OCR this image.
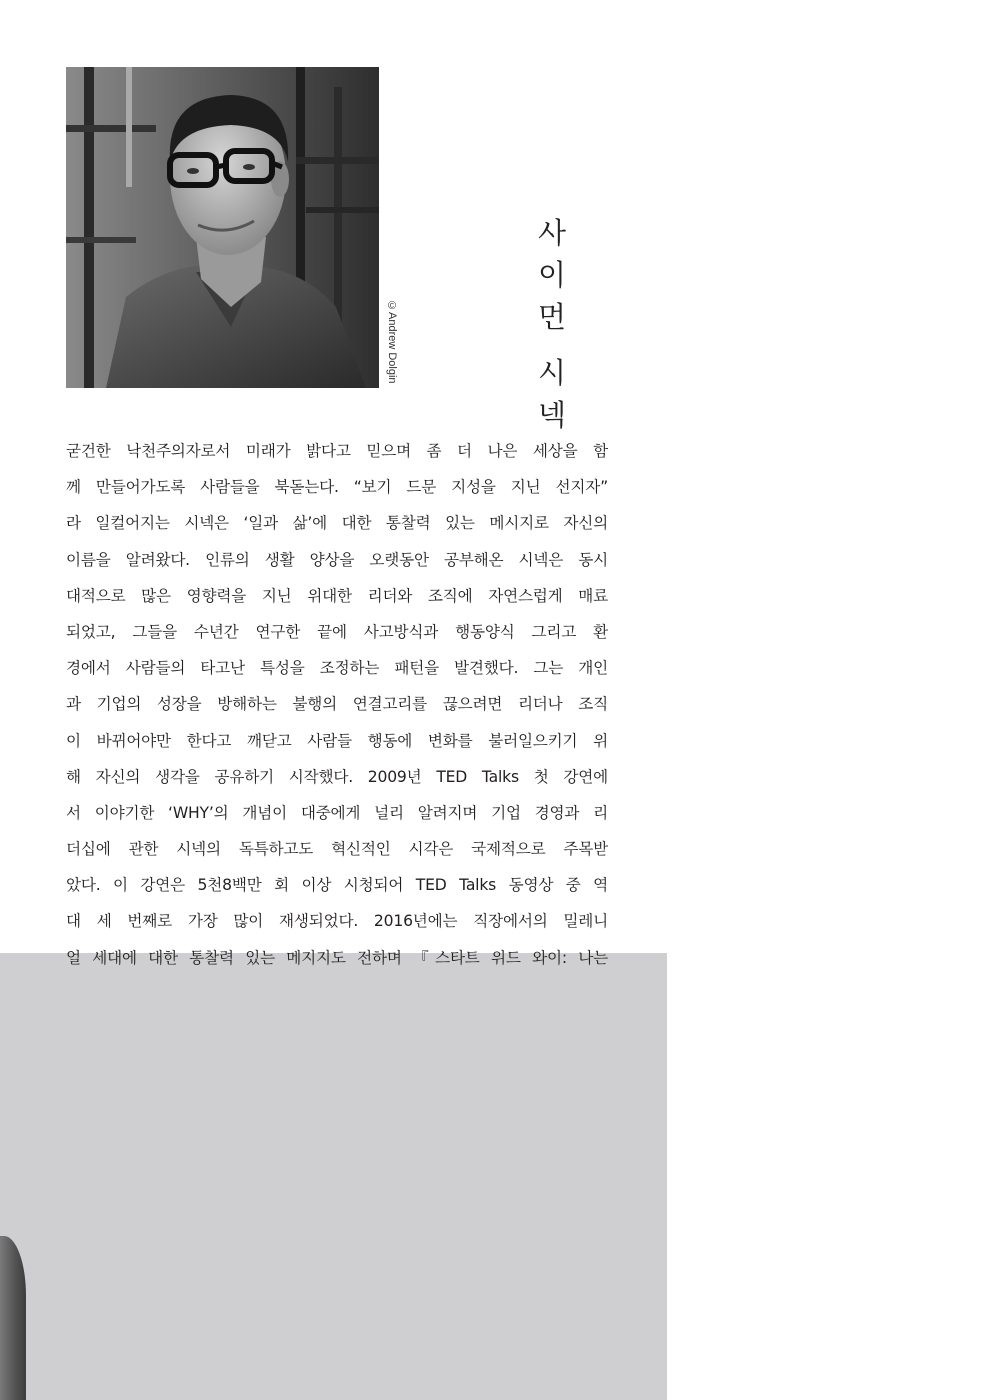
©Andrew Dolgin
사
이
먼
시
넥
굳건한 낙천주의자로서 미래가 밝다고 믿으며 좀 더 나은 세상을 함
께 만들어가도록 사람들을 북돋는다. “보기 드문 지성을 지닌 선지자”
라 일컬어지는 시넥은 ‘일과 삶’에 대한 통찰력 있는 메시지로 자신의
이름을 알려왔다. 인류의 생활 양상을 오랫동안 공부해온 시넥은 동시
대적으로 많은 영향력을 지닌 위대한 리더와 조직에 자연스럽게 매료
되었고, 그들을 수년간 연구한 끝에 사고방식과 행동양식 그리고 환
경에서 사람들의 타고난 특성을 조정하는 패턴을 발견했다. 그는 개인
과 기업의 성장을 방해하는 불행의 연결고리를 끊으려면 리더나 조직
이 바뀌어야만 한다고 깨닫고 사람들 행동에 변화를 불러일으키기 위
해 자신의 생각을 공유하기 시작했다. 2009년 TED Talks 첫 강연에
서 이야기한 ‘WHY’의 개념이 대중에게 널리 알려지며 기업 경영과 리
더십에 관한 시넥의 독특하고도 혁신적인 시각은 국제적으로 주목받
았다. 이 강연은 5천8백만 회 이상 시청되어 TED Talks 동영상 중 역
대 세 번째로 가장 많이 재생되었다. 2016년에는 직장에서의 밀레니
얼 세대에 대한 통찰력 있는 메지지도 전하며 『스타트 위드 와이: 나는
